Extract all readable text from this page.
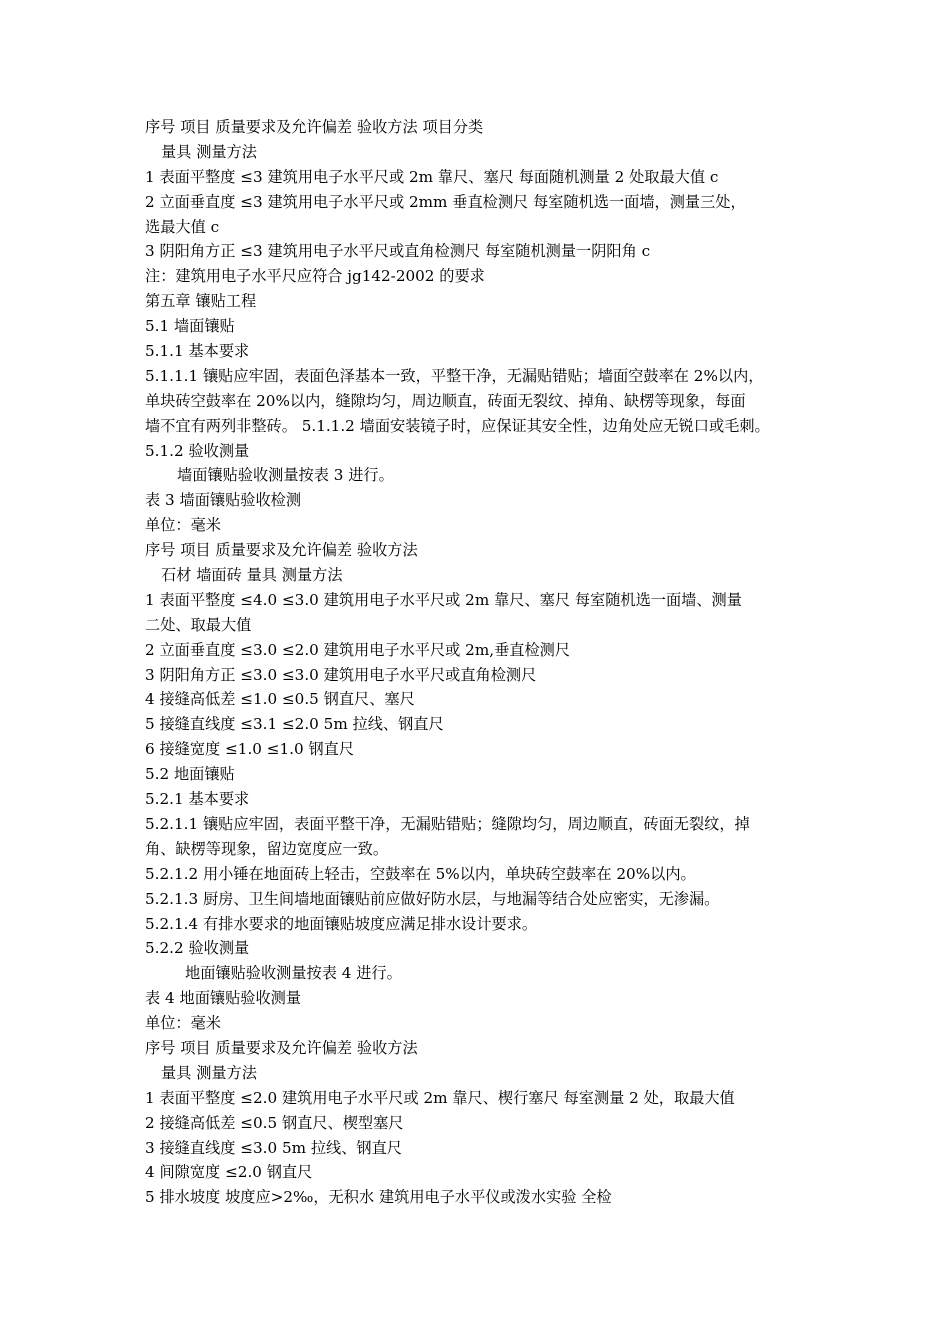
序号 项目 质量要求及允许偏差 验收方法 项目分类

量具 测量方法

1 表面平整度 ≤3 建筑用电子水平尺或 2m 靠尺、塞尺 每面随机测量 2 处取最大值 c

2 立面垂直度 ≤3 建筑用电子水平尺或 2mm 垂直检测尺 每室随机选一面墙，测量三处，

选最大值 c

3 阴阳角方正 ≤3 建筑用电子水平尺或直角检测尺 每室随机测量一阴阳角 c

注：建筑用电子水平尺应符合 jg142-2002 的要求

第五章 镶贴工程

5.1 墙面镶贴

5.1.1 基本要求

5.1.1.1 镶贴应牢固，表面色泽基本一致，平整干净，无漏贴错贴；墙面空鼓率在 2%以内，

单块砖空鼓率在 20%以内，缝隙均匀，周边顺直，砖面无裂纹、掉角、缺楞等现象，每面

墙不宜有两列非整砖。 5.1.1.2 墙面安装镜子时，应保证其安全性，边角处应无锐口或毛刺。

5.1.2 验收测量

墙面镶贴验收测量按表 3 进行。

表 3 墙面镶贴验收检测

单位：毫米

序号 项目 质量要求及允许偏差 验收方法

石材 墙面砖 量具 测量方法

1 表面平整度 ≤4.0 ≤3.0 建筑用电子水平尺或 2m 靠尺、塞尺 每室随机选一面墙、测量

二处、取最大值

2 立面垂直度 ≤3.0 ≤2.0 建筑用电子水平尺或 2m,垂直检测尺

3 阴阳角方正 ≤3.0 ≤3.0 建筑用电子水平尺或直角检测尺

4 接缝高低差 ≤1.0 ≤0.5 钢直尺、塞尺

5 接缝直线度 ≤3.1 ≤2.0 5m 拉线、钢直尺

6 接缝宽度 ≤1.0 ≤1.0 钢直尺

5.2 地面镶贴

5.2.1 基本要求

5.2.1.1 镶贴应牢固，表面平整干净，无漏贴错贴；缝隙均匀，周边顺直，砖面无裂纹，掉

角、缺楞等现象，留边宽度应一致。

5.2.1.2 用小锤在地面砖上轻击，空鼓率在 5%以内，单块砖空鼓率在 20%以内。

5.2.1.3 厨房、卫生间墙地面镶贴前应做好防水层，与地漏等结合处应密实，无渗漏。

5.2.1.4 有排水要求的地面镶贴坡度应满足排水设计要求。

5.2.2 验收测量

地面镶贴验收测量按表 4 进行。

表 4 地面镶贴验收测量

单位：毫米

序号 项目 质量要求及允许偏差 验收方法

量具 测量方法

1 表面平整度 ≤2.0 建筑用电子水平尺或 2m 靠尺、楔行塞尺 每室测量 2 处，取最大值

2 接缝高低差 ≤0.5 钢直尺、楔型塞尺

3 接缝直线度 ≤3.0 5m 拉线、钢直尺

4 间隙宽度 ≤2.0 钢直尺

5 排水坡度 坡度应>2‰，无积水 建筑用电子水平仪或泼水实验 全检
